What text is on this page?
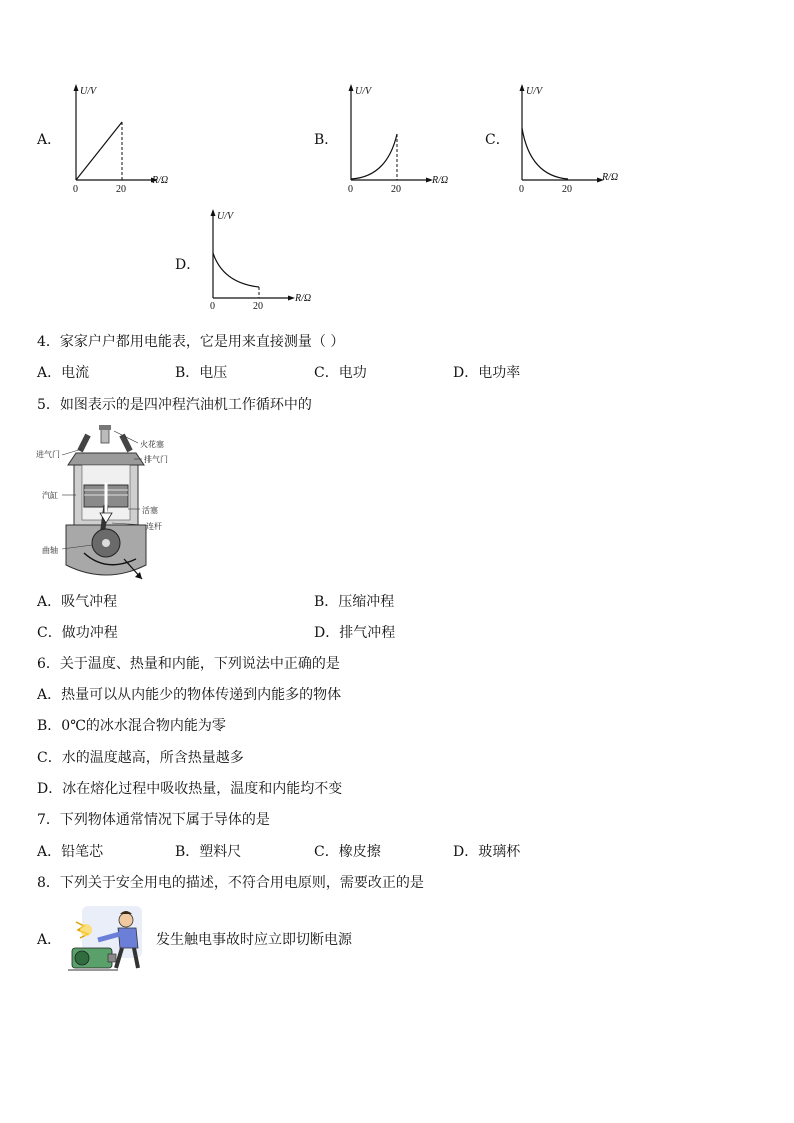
A．
U/V
R/Ω
0	20
B．
U/V
R/Ω
0	20
C．
U/V
R/Ω
0	20
D．
U/V
R/Ω
0	20
4．家家户户都用电能表，它是用来直接测量（ ）
A．电流	B．电压	C．电功	D．电功率
5．如图表示的是四冲程汽油机工作循环中的
进气门
火花塞
排气门
汽缸
活塞
连杆
曲轴
A．吸气冲程	B．压缩冲程
C．做功冲程	D．排气冲程
6．关于温度、热量和内能，下列说法中正确的是
A．热量可以从内能少的物体传递到内能多的物体
B．0℃的冰水混合物内能为零
C．水的温度越高，所含热量越多
D．冰在熔化过程中吸收热量，温度和内能均不变
7．下列物体通常情况下属于导体的是
A．铅笔芯	B．塑料尺	C．橡皮擦	D．玻璃杯
8．下列关于安全用电的描述，不符合用电原则，需要改正的是
A．	发生触电事故时应立即切断电源
